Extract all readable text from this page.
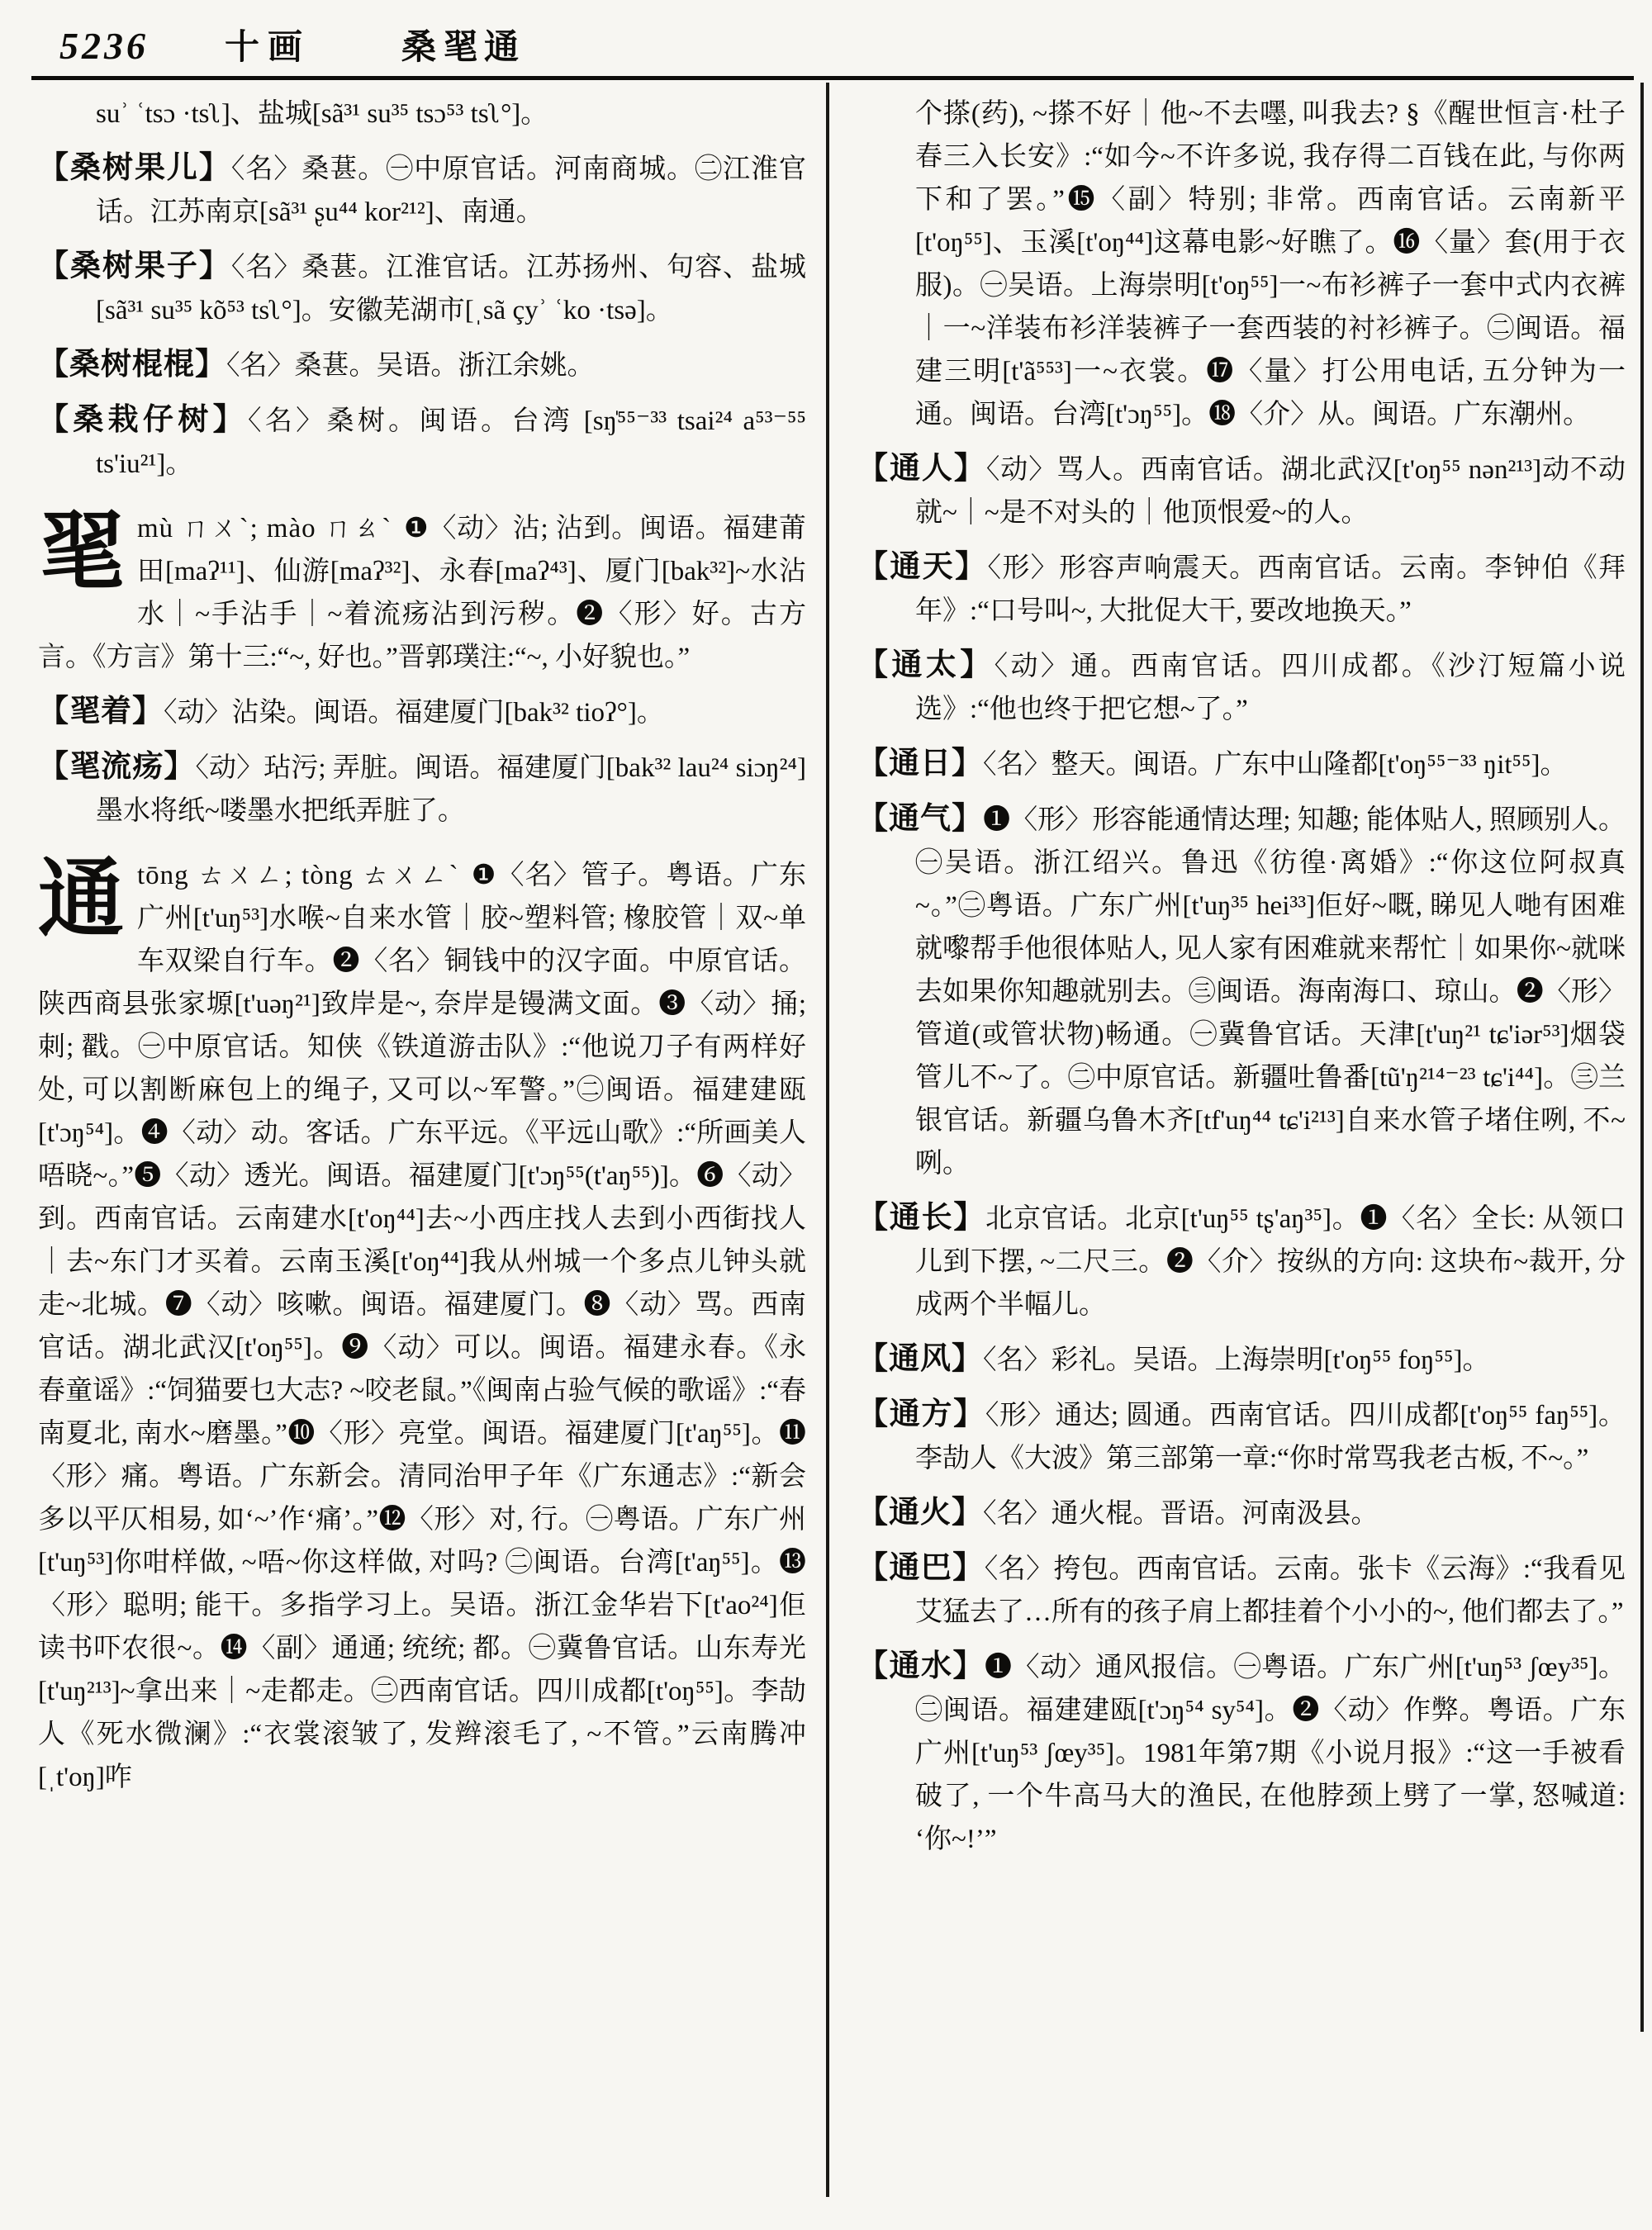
5236 十画	桑毣通
suʾ ʿtsɔ ·tsʅ]、盐城[sã³¹ su³⁵ tsɔ⁵³ tsʅ°]。
【桑树果儿】〈名〉桑葚。㊀中原官话。河南商城。㊁江淮官话。江苏南京[sã³¹ ʂu⁴⁴ kor²¹²]、南通。
【桑树果子】〈名〉桑葚。江淮官话。江苏扬州、句容、盐城[sã³¹ su³⁵ kõ⁵³ tsʅ°]。安徽芜湖市[ˌsã çyʾ ʿko ·tsə]。
【桑树棍棍】〈名〉桑葚。吴语。浙江余姚。
【桑栽仔树】〈名〉桑树。闽语。台湾 [sŋ̍⁵⁵⁻³³ tsai²⁴ a⁵³⁻⁵⁵ ts'iu²¹]。
毣mù ㄇㄨˋ; mào ㄇㄠˋ ❶〈动〉沾; 沾到。闽语。福建莆田[maʔ¹¹]、仙游[maʔ³²]、永春[maʔ⁴³]、厦门[bak³²]~水沾水｜~手沾手｜~着流疡沾到污秽。❷〈形〉好。古方言。《方言》第十三:“~, 好也。”晋郭璞注:“~, 小好貌也。”
【毣着】〈动〉沾染。闽语。福建厦门[bak³² tioʔ°]。
【毣流疡】〈动〉玷污; 弄脏。闽语。福建厦门[bak³² lau²⁴ siɔŋ²⁴]墨水将纸~喽墨水把纸弄脏了。
通tōng ㄊㄨㄥ; tòng ㄊㄨㄥˋ ❶〈名〉管子。粤语。广东广州[t'uŋ⁵³]水喉~自来水管｜胶~塑料管; 橡胶管｜双~单车双梁自行车。❷〈名〉铜钱中的汉字面。中原官话。陕西商县张家塬[t'uəŋ²¹]致岸是~, 奈岸是镘满文面。❸〈动〉捅; 刺; 戳。㊀中原官话。知侠《铁道游击队》:“他说刀子有两样好处, 可以割断麻包上的绳子, 又可以~军警。”㊁闽语。福建建瓯[t'ɔŋ⁵⁴]。❹〈动〉动。客话。广东平远。《平远山歌》:“所画美人唔晓~。”❺〈动〉透光。闽语。福建厦门[t'ɔŋ⁵⁵(t'aŋ⁵⁵)]。❻〈动〉到。西南官话。云南建水[t'oŋ⁴⁴]去~小西庄找人去到小西街找人｜去~东门才买着。云南玉溪[t'oŋ⁴⁴]我从州城一个多点儿钟头就走~北城。❼〈动〉咳嗽。闽语。福建厦门。❽〈动〉骂。西南官话。湖北武汉[t'oŋ⁵⁵]。❾〈动〉可以。闽语。福建永春。《永春童谣》:“饲猫要乜大志? ~咬老鼠。”《闽南占验气候的歌谣》:“春南夏北, 南水~磨墨。”❿〈形〉亮堂。闽语。福建厦门[t'aŋ⁵⁵]。⓫〈形〉痛。粤语。广东新会。清同治甲子年《广东通志》:“新会多以平仄相易, 如‘~’作‘痛’。”⓬〈形〉对, 行。㊀粤语。广东广州[t'uŋ⁵³]你咁样做, ~唔~你这样做, 对吗? ㊁闽语。台湾[t'aŋ⁵⁵]。⓭〈形〉聪明; 能干。多指学习上。吴语。浙江金华岩下[t'ao²⁴]佢读书吓农很~。⓮〈副〉通通; 统统; 都。㊀冀鲁官话。山东寿光[t'uŋ²¹³]~拿出来｜~走都走。㊁西南官话。四川成都[t'oŋ⁵⁵]。李劼人《死水微澜》:“衣裳滚皱了, 发辫滚毛了, ~不管。”云南腾冲[ˌt'oŋ]咋
个搽(药), ~搽不好｜他~不去嚜, 叫我去? §《醒世恒言·杜子春三入长安》:“如今~不许多说, 我存得二百钱在此, 与你两下和了罢。”⓯〈副〉特别; 非常。西南官话。云南新平[t'oŋ⁵⁵]、玉溪[t'oŋ⁴⁴]这幕电影~好瞧了。⓰〈量〉套(用于衣服)。㊀吴语。上海崇明[t'oŋ⁵⁵]一~布衫裤子一套中式内衣裤｜一~洋装布衫洋装裤子一套西装的衬衫裤子。㊁闽语。福建三明[t'ã⁵⁵³]一~衣裳。⓱〈量〉打公用电话, 五分钟为一通。闽语。台湾[t'ɔŋ⁵⁵]。⓲〈介〉从。闽语。广东潮州。
【通人】〈动〉骂人。西南官话。湖北武汉[t'oŋ⁵⁵ nən²¹³]动不动就~｜~是不对头的｜他顶恨爱~的人。
【通天】〈形〉形容声响震天。西南官话。云南。李钟伯《拜年》:“口号叫~, 大批促大干, 要改地换天。”
【通太】〈动〉通。西南官话。四川成都。《沙汀短篇小说选》:“他也终于把它想~了。”
【通日】〈名〉整天。闽语。广东中山隆都[t'oŋ⁵⁵⁻³³ ŋit⁵⁵]。
【通气】❶〈形〉形容能通情达理; 知趣; 能体贴人, 照顾别人。㊀吴语。浙江绍兴。鲁迅《彷徨·离婚》:“你这位阿叔真~。”㊁粤语。广东广州[t'uŋ³⁵ hei³³]佢好~嘅, 睇见人哋有困难就嚟帮手他很体贴人, 见人家有困难就来帮忙｜如果你~就咪去如果你知趣就别去。㊂闽语。海南海口、琼山。❷〈形〉管道(或管状物)畅通。㊀冀鲁官话。天津[t'uŋ²¹ tɕ'iər⁵³]烟袋管儿不~了。㊁中原官话。新疆吐鲁番[tũ'ŋ²¹⁴⁻²³ tɕ'i⁴⁴]。㊂兰银官话。新疆乌鲁木齐[tf'uŋ⁴⁴ tɕ'i²¹³]自来水管子堵住咧, 不~咧。
【通长】北京官话。北京[t'uŋ⁵⁵ tʂ'aŋ³⁵]。❶〈名〉全长: 从领口儿到下摆, ~二尺三。❷〈介〉按纵的方向: 这块布~裁开, 分成两个半幅儿。
【通风】〈名〉彩礼。吴语。上海崇明[t'oŋ⁵⁵ foŋ⁵⁵]。
【通方】〈形〉通达; 圆通。西南官话。四川成都[t'oŋ⁵⁵ faŋ⁵⁵]。李劼人《大波》第三部第一章:“你时常骂我老古板, 不~。”
【通火】〈名〉通火棍。晋语。河南汲县。
【通巴】〈名〉挎包。西南官话。云南。张卡《云海》:“我看见艾猛去了…所有的孩子肩上都挂着个小小的~, 他们都去了。”
【通水】❶〈动〉通风报信。㊀粤语。广东广州[t'uŋ⁵³ ʃœy³⁵]。㊁闽语。福建建瓯[t'ɔŋ⁵⁴ sy⁵⁴]。❷〈动〉作弊。粤语。广东广州[t'uŋ⁵³ ʃœy³⁵]。1981年第7期《小说月报》:“这一手被看破了, 一个牛高马大的渔民, 在他脖颈上劈了一掌, 怒喊道: ‘你~!’”
